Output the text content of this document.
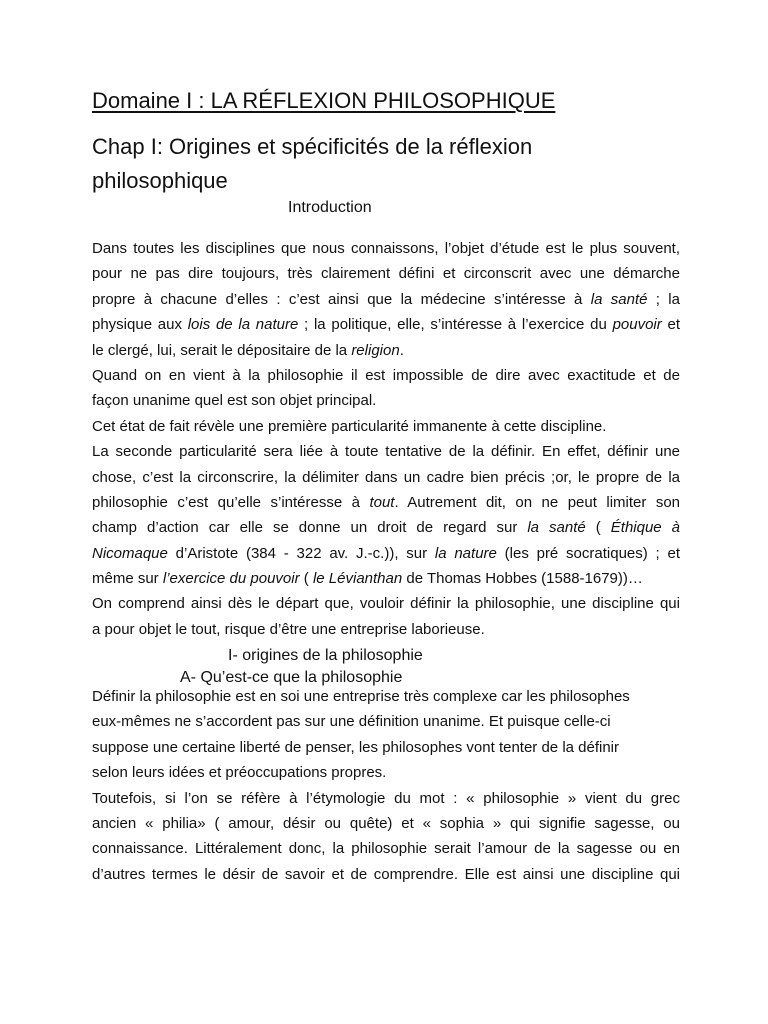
Domaine I : LA RÉFLEXION PHILOSOPHIQUE
Chap I: Origines et spécificités de la réflexion
philosophique
Introduction
Dans toutes les disciplines que nous connaissons, l’objet d’étude est le plus souvent,
pour ne pas dire toujours, très clairement défini et circonscrit avec une démarche
propre à chacune d’elles : c’est ainsi que la médecine s’intéresse à la santé ; la
physique aux lois de la nature ; la politique, elle, s’intéresse à l’exercice du pouvoir et
le clergé, lui, serait le dépositaire de la religion.
Quand on en vient à la philosophie il est impossible de dire avec exactitude et de
façon unanime quel est son objet principal.
Cet état de fait révèle une première particularité immanente à cette discipline.
La seconde particularité sera liée à toute tentative de la définir. En effet, définir une
chose, c’est la circonscrire, la délimiter dans un cadre bien précis ;or, le propre de la
philosophie c’est qu’elle s’intéresse à tout. Autrement dit, on ne peut limiter son
champ d’action car elle se donne un droit de regard sur la santé ( Éthique à
Nicomaque d’Aristote (384 - 322 av. J.-c.)), sur la nature (les pré socratiques) ; et
même sur l’exercice du pouvoir ( le Lévianthan de Thomas Hobbes (1588-1679))…
On comprend ainsi dès le départ que, vouloir définir la philosophie, une discipline qui
a pour objet le tout, risque d’être une entreprise laborieuse.
I- origines de la philosophie
A- Qu’est-ce que la philosophie
Définir la philosophie est en soi une entreprise très complexe car les philosophes
eux-mêmes ne s’accordent pas sur une définition unanime. Et puisque celle-ci
suppose une certaine liberté de penser, les philosophes vont tenter de la définir
selon leurs idées et préoccupations propres.
Toutefois, si l’on se réfère à l’étymologie du mot : « philosophie » vient du grec
ancien « philia» ( amour, désir ou quête) et « sophia » qui signifie sagesse, ou
connaissance. Littéralement donc, la philosophie serait l’amour de la sagesse ou en
d’autres termes le désir de savoir et de comprendre. Elle est ainsi une discipline qui
